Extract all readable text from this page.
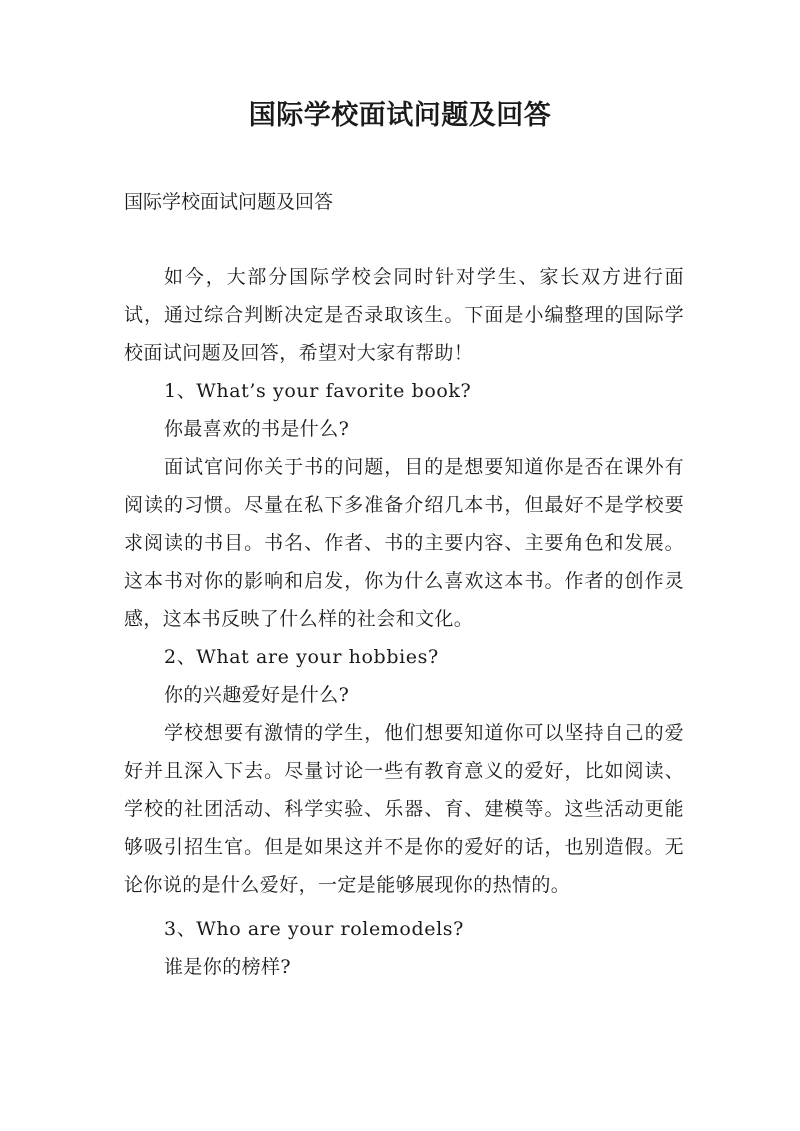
国际学校面试问题及回答

国际学校面试问题及回答

如今，大部分国际学校会同时针对学生、家长双方进行面试，通过综合判断决定是否录取该生。下面是小编整理的国际学校面试问题及回答，希望对大家有帮助！

1、What’s your favorite book?

你最喜欢的书是什么?

面试官问你关于书的问题，目的是想要知道你是否在课外有阅读的习惯。尽量在私下多准备介绍几本书，但最好不是学校要求阅读的书目。书名、作者、书的主要内容、主要角色和发展。这本书对你的影响和启发，你为什么喜欢这本书。作者的创作灵感，这本书反映了什么样的社会和文化。

2、What are your hobbies?

你的兴趣爱好是什么?

学校想要有激情的学生，他们想要知道你可以坚持自己的爱好并且深入下去。尽量讨论一些有教育意义的爱好，比如阅读、学校的社团活动、科学实验、乐器、育、建模等。这些活动更能够吸引招生官。但是如果这并不是你的爱好的话，也别造假。无论你说的是什么爱好，一定是能够展现你的热情的。

3、Who are your rolemodels?

谁是你的榜样?
